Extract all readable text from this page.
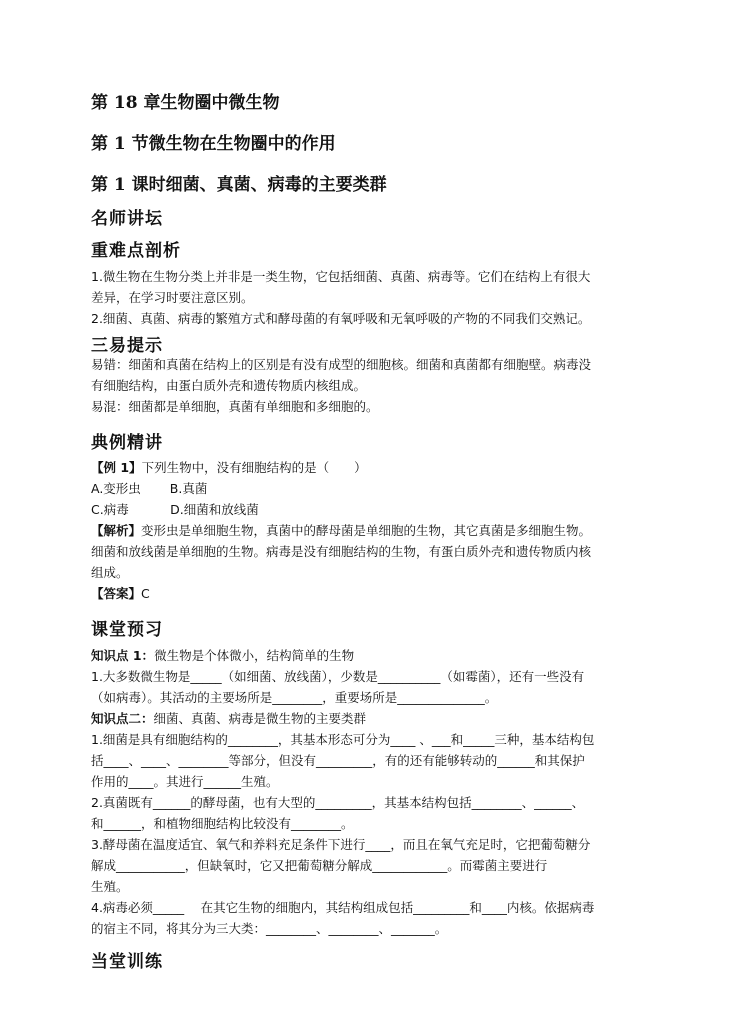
第 18 章生物圈中微生物
第 1 节微生物在生物圈中的作用
第 1 课时细菌、真菌、病毒的主要类群
名师讲坛
重难点剖析
1.微生物在生物分类上并非是一类生物，它包括细菌、真菌、病毒等。它们在结构上有很大
差异，在学习时要注意区别。
2.细菌、真菌、病毒的繁殖方式和酵母菌的有氧呼吸和无氧呼吸的产物的不同我们交熟记。
三易提示
易错：细菌和真菌在结构上的区别是有没有成型的细胞核。细菌和真菌都有细胞壁。病毒没
有细胞结构，由蛋白质外壳和遗传物质内核组成。
易混：细菌都是单细胞，真菌有单细胞和多细胞的。
典例精讲
【例 1】下列生物中，没有细胞结构的是（　　）
A.变形虫　　 B.真菌
C.病毒　　　 D.细菌和放线菌
【解析】变形虫是单细胞生物，真菌中的酵母菌是单细胞的生物，其它真菌是多细胞生物。
细菌和放线菌是单细胞的生物。病毒是没有细胞结构的生物，有蛋白质外壳和遗传物质内核
组成。
【答案】C
课堂预习
知识点 1：微生物是个体微小，结构简单的生物
1.大多数微生物是_____（如细菌、放线菌），少数是__________（如霉菌），还有一些没有
（如病毒）。其活动的主要场所是________，重要场所是______________。
知识点二：细菌、真菌、病毒是微生物的主要类群
1.细菌是具有细胞结构的________，其基本形态可分为____ 、___和_____三种，基本结构包
括____、____、________等部分，但没有_________，有的还有能够转动的______和其保护
作用的____。其进行______生殖。
2.真菌既有______的酵母菌，也有大型的_________，其基本结构包括________、______、
和______，和植物细胞结构比较没有________。
3.酵母菌在温度适宜、氧气和养料充足条件下进行____，而且在氧气充足时，它把葡萄糖分
解成___________，但缺氧时，它又把葡萄糖分解成____________。而霉菌主要进行
生殖。
4.病毒必须_____　 在其它生物的细胞内，其结构组成包括_________和____内核。依据病毒
的宿主不同，将其分为三大类：________、________、_______。
当堂训练
